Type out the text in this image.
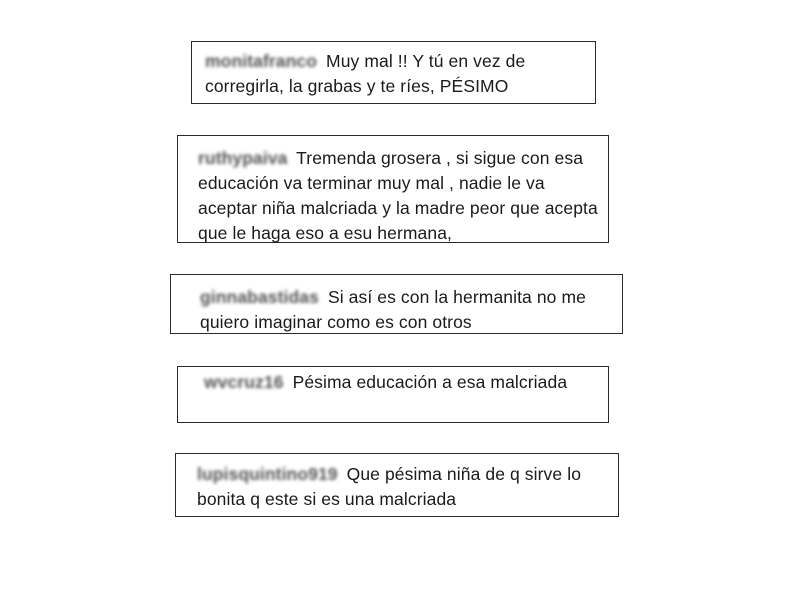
monitafranco Muy mal !! Y tú en vez de corregirla, la grabas y te ríes, PÉSIMO
ruthypaiva Tremenda grosera , si sigue con esa educación va terminar muy mal , nadie le va aceptar niña malcriada y la madre peor que acepta que le haga eso a esu hermana,
ginnabastidas Si así es con la hermanita no me quiero imaginar como es con otros
wvcruz16 Pésima educación a esa malcriada
lupisquintino919 Que pésima niña de q sirve lo bonita q este si es una malcriada
